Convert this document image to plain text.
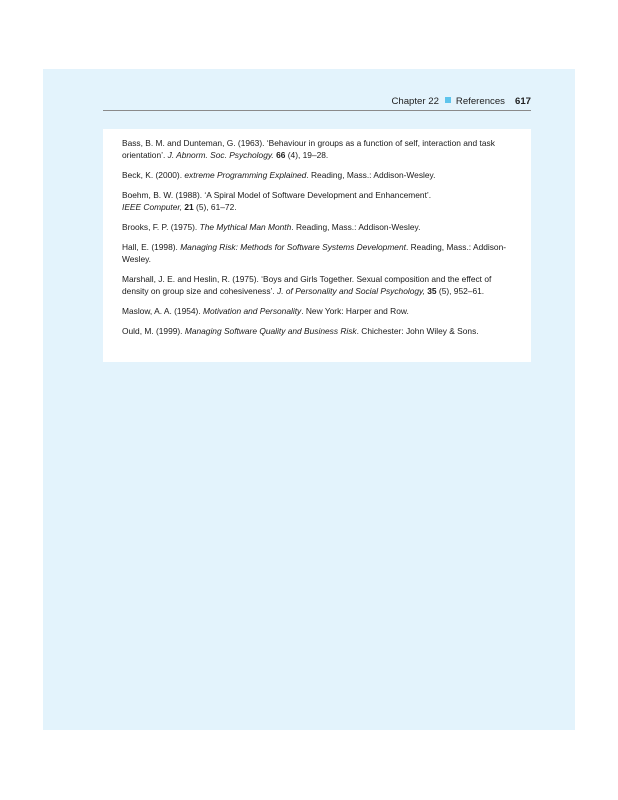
Chapter 22 References 617

Bass, B. M. and Dunteman, G. (1963). ‘Behaviour in groups as a function of self, interaction and task orientation’. J. Abnorm. Soc. Psychology. 66 (4), 19–28.

Beck, K. (2000). extreme Programming Explained. Reading, Mass.: Addison-Wesley.

Boehm, B. W. (1988). ‘A Spiral Model of Software Development and Enhancement’.
IEEE Computer, 21 (5), 61–72.

Brooks, F. P. (1975). The Mythical Man Month. Reading, Mass.: Addison-Wesley.

Hall, E. (1998). Managing Risk: Methods for Software Systems Development. Reading, Mass.: Addison-Wesley.

Marshall, J. E. and Heslin, R. (1975). ‘Boys and Girls Together. Sexual composition and the effect of density on group size and cohesiveness’. J. of Personality and Social Psychology, 35 (5), 952–61.

Maslow, A. A. (1954). Motivation and Personality. New York: Harper and Row.

Ould, M. (1999). Managing Software Quality and Business Risk. Chichester: John Wiley & Sons.
